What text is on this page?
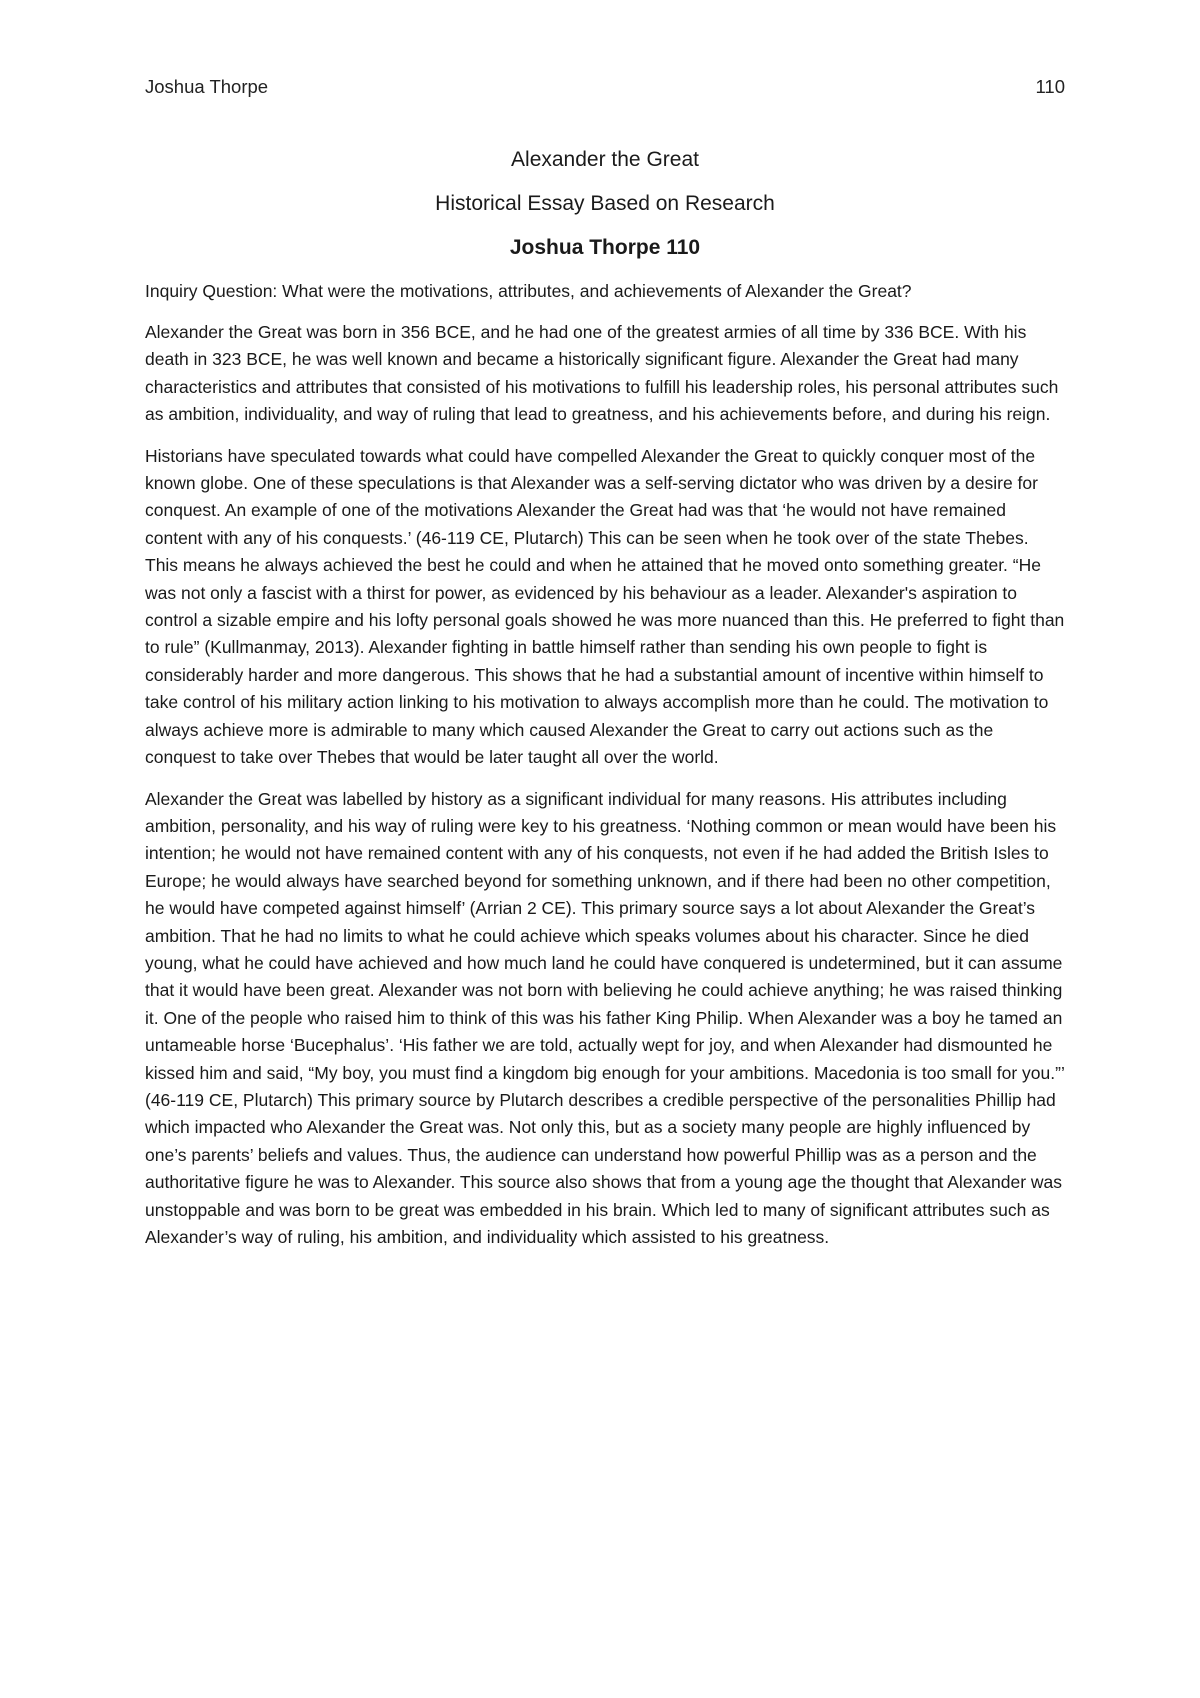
Joshua Thorpe	110

Alexander the Great

Historical Essay Based on Research

Joshua Thorpe 110

Inquiry Question: What were the motivations, attributes, and achievements of Alexander the Great?

Alexander the Great was born in 356 BCE, and he had one of the greatest armies of all time by 336 BCE. With his death in 323 BCE, he was well known and became a historically significant figure. Alexander the Great had many characteristics and attributes that consisted of his motivations to fulfill his leadership roles, his personal attributes such as ambition, individuality, and way of ruling that lead to greatness, and his achievements before, and during his reign.

Historians have speculated towards what could have compelled Alexander the Great to quickly conquer most of the known globe. One of these speculations is that Alexander was a self-serving dictator who was driven by a desire for conquest. An example of one of the motivations Alexander the Great had was that ‘he would not have remained content with any of his conquests.’ (46-119 CE, Plutarch) This can be seen when he took over of the state Thebes. This means he always achieved the best he could and when he attained that he moved onto something greater. “He was not only a fascist with a thirst for power, as evidenced by his behaviour as a leader. Alexander's aspiration to control a sizable empire and his lofty personal goals showed he was more nuanced than this. He preferred to fight than to rule” (Kullmanmay, 2013). Alexander fighting in battle himself rather than sending his own people to fight is considerably harder and more dangerous. This shows that he had a substantial amount of incentive within himself to take control of his military action linking to his motivation to always accomplish more than he could. The motivation to always achieve more is admirable to many which caused Alexander the Great to carry out actions such as the conquest to take over Thebes that would be later taught all over the world.

Alexander the Great was labelled by history as a significant individual for many reasons. His attributes including ambition, personality, and his way of ruling were key to his greatness. ‘Nothing common or mean would have been his intention; he would not have remained content with any of his conquests, not even if he had added the British Isles to Europe; he would always have searched beyond for something unknown, and if there had been no other competition, he would have competed against himself’ (Arrian 2 CE). This primary source says a lot about Alexander the Great’s ambition. That he had no limits to what he could achieve which speaks volumes about his character. Since he died young, what he could have achieved and how much land he could have conquered is undetermined, but it can assume that it would have been great. Alexander was not born with believing he could achieve anything; he was raised thinking it. One of the people who raised him to think of this was his father King Philip. When Alexander was a boy he tamed an untameable horse ‘Bucephalus’. ‘His father we are told, actually wept for joy, and when Alexander had dismounted he kissed him and said, “My boy, you must find a kingdom big enough for your ambitions. Macedonia is too small for you.”’ (46-119 CE, Plutarch) This primary source by Plutarch describes a credible perspective of the personalities Phillip had which impacted who Alexander the Great was. Not only this, but as a society many people are highly influenced by one’s parents’ beliefs and values. Thus, the audience can understand how powerful Phillip was as a person and the authoritative figure he was to Alexander. This source also shows that from a young age the thought that Alexander was unstoppable and was born to be great was embedded in his brain. Which led to many of significant attributes such as Alexander’s way of ruling, his ambition, and individuality which assisted to his greatness.
